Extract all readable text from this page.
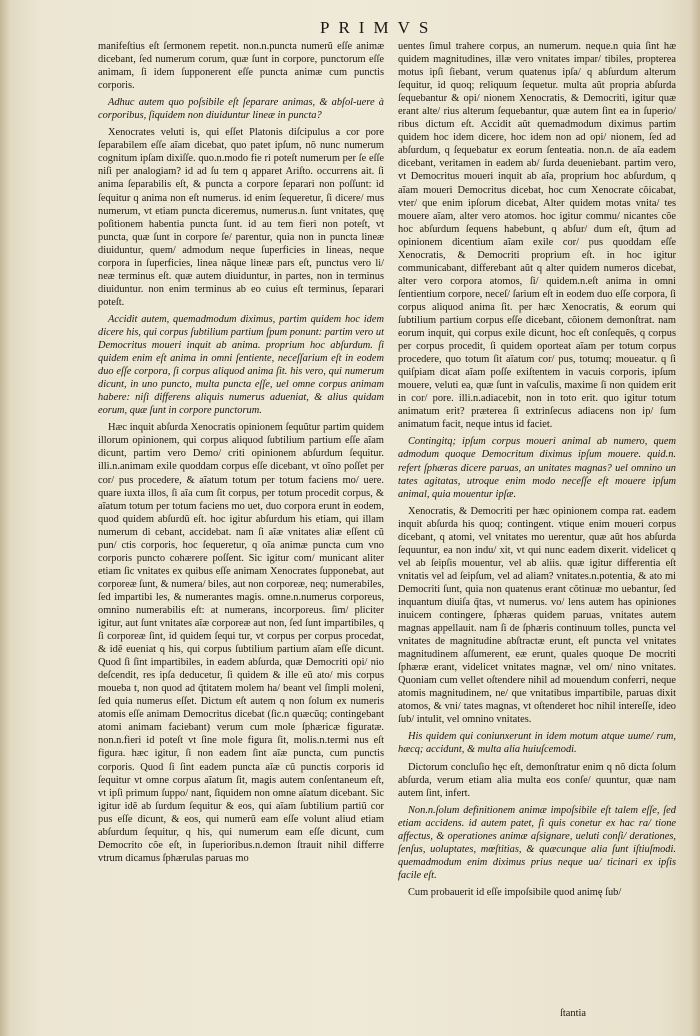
PRIMVS

manifeſtius eſt ſermonem repetit. non.n.puncta numerũ eſſe animæ dicebant, ſed numerum corum, quæ ſunt in corpore, punctorum eſſe animam, ſi idem ſupponerent eſſe puncta animæ cum punctis corporis.

Adhuc autem quo poſsibile eſt ſeparare animas, & abſol-uere à corporibus, ſiquidem non diuiduntur lineæ in puncta?

Xenocrates veluti is, qui eſſet Platonis diſcipulus a cor pore ſeparabilem eſſe aĩam dicebat, quo patet ipſum, nõ nunc numerum cognitum ipſam dixiſſe. quo.n.modo fie ri poteſt numerum per ſe eſſe niſi per analogiam? id ad ſu tem q apparet Ariſto. occurrens ait. ſi anima ſeparabilis eſt, & puncta a corpore ſeparari non poſſunt: id ſequitur q anima non eſt numerus. id enim ſequeretur, ſi dicere/ mus numerum, vt etiam puncta diceremus, numerus.n. ſunt vnitates, quę poſitionem habentia puncta ſunt. id au tem fieri non poteſt, vt puncta, quæ ſunt in corpore ſe/ parentur, quia non in puncta lineæ diuiduntur, quem/ admodum neque ſuperficies in lineas, neque corpora in ſuperficies, linea nãque lineæ pars eſt, punctus vero li/ neæ terminus eſt. quæ autem diuiduntur, in partes, non in terminus diuiduntur. non enim terminus ab eo cuius eſt terminus, ſeparari poteſt.

Accidit autem, quemadmodum diximus, partim quidem hoc idem dicere his, qui corpus ſubtilium partium ſpum ponunt: partim vero ut Democritus moueri inquit ab anima. proprium hoc abſurdum. ſi quidem enim eſt anima in omni ſentiente, neceſſarium eſt in eodem duo eſſe corpora, ſi corpus aliquod anima ſit. his vero, qui numerum dicunt, in uno puncto, multa puncta eſſe, uel omne corpus animam habere: niſi differens aliquis numerus adueniat, & alius quidam eorum, quæ ſunt in corpore punctorum.

Hæc inquit abſurda Xenocratis opinionem ſequũtur partim quidem illorum opinionem, qui corpus aliquod ſubtilium partium eſſe aĩam dicunt, partim vero Demo/ criti opinionem abſurdum ſequitur. illi.n.animam exile quoddam corpus eſſe dicebant, vt oĩno poſſet per cor/ pus procedere, & aĩatum totum per totum faciens mo/ uere. quare iuxta illos, ſi aĩa cum ſit corpus, per totum procedit corpus, & aĩatum totum per totum faciens mo uet, duo corpora erunt in eodem, quod quidem abſurdũ eſt. hoc igitur abſurdum his etiam, qui illam numerum di cebant, accidebat. nam ſi aĩæ vnitates aliæ eſſent cũ pun/ ctis corporis, hoc ſequeretur, q oĩa animæ puncta cum vno corporis puncto cohærere poſſent. Sic igitur com/ municant aliter etiam ſic vnitates ex quibus eſſe animam Xenocrates ſupponebat, aut corporeæ ſunt, & numera/ biles, aut non corporeæ, neq; numerabiles, ſed impartibi les, & numerantes magis. omne.n.numerus corporeus, omnino numerabilis eſt: at numerans, incorporeus. ſim/ pliciter igitur, aut ſunt vnitates aĩæ corporeæ aut non, ſed ſunt impartibiles, q ſi corporeæ ſint, id quidem ſequi tur, vt corpus per corpus procedat, & idẽ eueniat q his, qui corpus ſubtilium partium aĩam eſſe dicunt. Quod ſi ſint impartibiles, in eadem abſurda, quæ Democriti opi/ nio deſcendit, res ipſa deducetur, ſi quidem & ille eũ ato/ mis corpus moueba t, non quod ad q̃titatem molem ha/ beant vel ſimpli moleni, ſed quia numerus eſſet. Dictum eſt autem q non ſolum ex numeris atomis eſſe animam Democritus dicebat (ſic.n quæcũq; contingebant atomi animam faciebant) verum cum mole ſphæricæ figuratæ. non.n.fieri id poteſt vt ſine mole figura ſit, molis.n.termi nus eſt figura. hæc igitur, ſi non eadem ſint aĩæ puncta, cum punctis corporis. Quod ſi ſint eadem puncta aĩæ cũ punctis corporis id ſequitur vt omne corpus aĩatum ſit, magis autem conſentaneum eſt, vt ipſi primum ſuppo/ nant, ſiquidem non omne aĩatum dicebant. Sic igitur idẽ ab ſurdum ſequitur & eos, qui aĩam ſubtilium partiũ cor pus eſſe dicunt, & eos, qui numerũ eam eſſe volunt aliud etiam abſurdum ſequitur, q his, qui numerum eam eſſe dicunt, cum Democrito cõe eſt, in ſuperioribus.n.demon ſtrauit nihil differre vtrum dicamus ſphærulas paruas mo

uentes ſimul trahere corpus, an numerum. neque.n quia ſint hæ quidem magnitudines, illæ vero vnitates impar/ tibiles, propterea motus ipſi ſiebant, verum quatenus ipſa/ q abſurdum alterum ſequitur, id quoq; reliquum ſequetur. multa aũt propria abſurda ſequebantur & opi/ nionem Xenocratis, & Democriti, igitur quæ erant alte/ rius alterum ſequebantur, quæ autem ſint ea in ſuperio/ ribus dictum eſt. Accidit aũt quemadmodum diximus partim quidem hoc idem dicere, hoc idem non ad opi/ nionem, ſed ad abſurdum, q ſequebatur ex eorum ſenteatia. non.n. de aĩa eadem dicebant, veritamen in eadem ab/ ſurda deueniebant. partim vero, vt Democritus moueri inquit ab aĩa, proprium hoc abſurdum, q aĩam moueri Democritus dicebat, hoc cum Xenocrate cõicabat, vter/ que enim ipſorum dicebat, Alter quidem motas vnita/ tes mouere aĩam, alter vero atomos. hoc igitur commu/ nicantes cõe hoc abſurdum ſequens habebunt, q abſur/ dum eſt, q̃tum ad opinionem dicentium aĩam exile cor/ pus quoddam eſſe Xenocratis, & Democriti proprium eſt. in hoc igitur communicabant, differebant aũt q alter quidem numeros dicebat, alter vero corpora atomos, ſi/ quidem.n.eſt anima in omni ſentientium corpore, neceſ/ ſarium eſt in eodem duo eſſe corpora, ſi corpus aliquod anima ſit. per hæc Xenocratis, & eorum qui ſubtilium partium corpus eſſe dicebant, cõionem demonſtrat. nam eorum inquit, qui corpus exile dicunt, hoc eſt conſequẽs, q corpus per corpus procedit, ſi quidem oporteat aĩam per totum corpus procedere, quo totum ſit aĩatum cor/ pus, totumq; moueatur. q ſi quiſpiam dicat aĩam poſſe exiſtentem in vacuis corporis, ipſum mouere, veluti ea, quæ ſunt in vaſculis, maxime ſi non quidem erit in cor/ pore. illi.n.adiacebit, non in toto erit. quo igitur totum animatum erit? præterea ſi extrinſecus adiacens non ip/ ſum animatum facit, neque intus id faciet.

Contingitq; ipſum corpus moueri animal ab numero, quem admodum quoque Democritum diximus ipſum mouere. quid.n. refert ſphæras dicere paruas, an unitates magnas? uel omnino un tates agitatas, utroque enim modo neceſſe eſt mouere ipſum animal, quia mouentur ipſæ.

Xenocratis, & Democriti per hæc opinionem compa rat. eadem inquit abſurda his quoq; contingent. vtique enim moueri corpus dicebant, q atomi, vel vnitates mo uerentur, quæ aũt hos abſurda ſequuntur, ea non indu/ xit, vt qui nunc eadem dixerit. videlicet q vel ab ſeipſis mouentur, vel ab aliis. quæ igitur differentia eſt vnitatis vel ad ſeipſum, vel ad aliam? vnitates.n.potentia, & ato mi Democriti ſunt, quia non quatenus erant cõtinuæ mo uebantur, ſed inquantum diuiſa q̃tas, vt numerus. vo/ lens autem has opiniones inuicem contingere, ſphæras quidem paruas, vnitates autem magnas appellauit. nam ſi de ſphæris continuum tolles, puncta vel vnitates de magnitudine abſtractæ erunt, eſt puncta vel vnitates magnitudinem aſſumerent, eæ erunt, quales quoque De mocriti ſphæræ erant, videlicet vnitates magnæ, vel om/ nino vnitates. Quoniam cum vellet oſtendere nihil ad mouendum conferri, neque atomis magnitudinem, ne/ que vnitatibus impartibile, paruas dixit atomos, & vni/ tates magnas, vt oſtenderet hoc nihil intereſſe, ideo ſub/ intulit, vel omnino vnitates.

His quidem qui coniunxerunt in idem motum atque uume/ rum, hæcq; accidunt, & multa alia huiuſcemodi.

Dictorum concluſio hęc eſt, demonſtratur enim q nõ dicta ſolum abſurda, verum etiam alia multa eos conſe/ quuntur, quæ nam autem ſint, infert.

Non.n.ſolum definitionem animæ impoſsibile eſt talem eſſe, ſed etiam accidens. id autem patet, ſi quis conetur ex hac ra/ tione affectus, & operationes animæ aſsignare, ueluti conſi/ derationes, ſenſus, uoluptates, mœſtitias, & quæcunque alia ſunt iſtiuſmodi. quemadmodum enim diximus prius neque ua/ ticinari ex ipſis facile eſt.

Cum probauerit id eſſe impoſsibile quod animę ſub/

ſtantia
